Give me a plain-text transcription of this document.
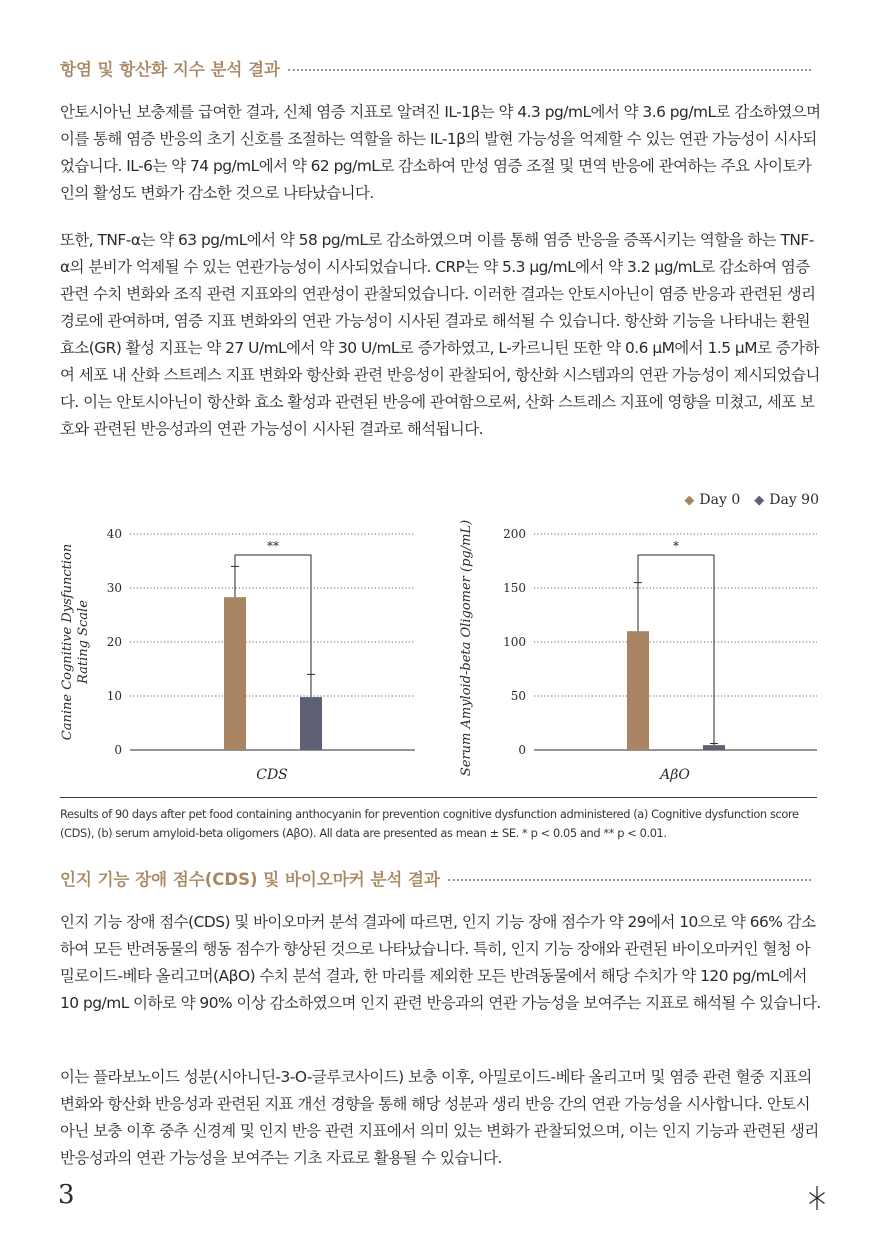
항염 및 항산화 지수 분석 결과

안토시아닌 보충제를 급여한 결과, 신체 염증 지표로 알려진 IL-1β는 약 4.3 pg/mL에서 약 3.6 pg/mL로 감소하였으며 이를 통해 염증 반응의 초기 신호를 조절하는 역할을 하는 IL-1β의 발현 가능성을 억제할 수 있는 연관 가능성이 시사되었습니다. IL-6는 약 74 pg/mL에서 약 62 pg/mL로 감소하여 만성 염증 조절 및 면역 반응에 관여하는 주요 사이토카인의 활성도 변화가 감소한 것으로 나타났습니다.

또한, TNF-α는 약 63 pg/mL에서 약 58 pg/mL로 감소하였으며 이를 통해 염증 반응을 증폭시키는 역할을 하는 TNF-α의 분비가 억제될 수 있는 연관가능성이 시사되었습니다. CRP는 약 5.3 μg/mL에서 약 3.2 μg/mL로 감소하여 염증 관련 수치 변화와 조직 관련 지표와의 연관성이 관찰되었습니다. 이러한 결과는 안토시아닌이 염증 반응과 관련된 생리 경로에 관여하며, 염증 지표 변화와의 연관 가능성이 시사된 결과로 해석될 수 있습니다. 항산화 기능을 나타내는 환원효소(GR) 활성 지표는 약 27 U/mL에서 약 30 U/mL로 증가하였고, L-카르니틴 또한 약 0.6 μM에서 1.5 μM로 증가하여 세포 내 산화 스트레스 지표 변화와 항산화 관련 반응성이 관찰되어, 항산화 시스템과의 연관 가능성이 제시되었습니다. 이는 안토시아닌이 항산화 효소 활성과 관련된 반응에 관여함으로써, 산화 스트레스 지표에 영향을 미쳤고, 세포 보호와 관련된 반응성과의 연관 가능성이 시사된 결과로 해석됩니다.

◆ Day 0 ◆ Day 90
0
10
20
30
40
Canine Cognitive Dysfunction Rating Scale
**
CDS
0
50
100
150
200
Serum Amyloid-beta Oligomer (pg/mL)	*
AβO

Results of 90 days after pet food containing anthocyanin for prevention cognitive dysfunction administered (a) Cognitive dysfunction score (CDS), (b) serum amyloid-beta oligomers (AβO). All data are presented as mean ± SE. * p < 0.05 and ** p < 0.01.

인지 기능 장애 점수(CDS) 및 바이오마커 분석 결과

인지 기능 장애 점수(CDS) 및 바이오마커 분석 결과에 따르면, 인지 기능 장애 점수가 약 29에서 10으로 약 66% 감소하여 모든 반려동물의 행동 점수가 향상된 것으로 나타났습니다. 특히, 인지 기능 장애와 관련된 바이오마커인 혈청 아밀로이드-베타 올리고머(AβO) 수치 분석 결과, 한 마리를 제외한 모든 반려동물에서 해당 수치가 약 120 pg/mL에서 10 pg/mL 이하로 약 90% 이상 감소하였으며 인지 관련 반응과의 연관 가능성을 보여주는 지표로 해석될 수 있습니다.

이는 플라보노이드 성분(시아니딘-3-O-글루코사이드) 보충 이후, 아밀로이드-베타 올리고머 및 염증 관련 혈중 지표의 변화와 항산화 반응성과 관련된 지표 개선 경향을 통해 해당 성분과 생리 반응 간의 연관 가능성을 시사합니다. 안토시아닌 보충 이후 중추 신경계 및 인지 반응 관련 지표에서 의미 있는 변화가 관찰되었으며, 이는 인지 기능과 관련된 생리 반응성과의 연관 가능성을 보여주는 기초 자료로 활용될 수 있습니다.

3
